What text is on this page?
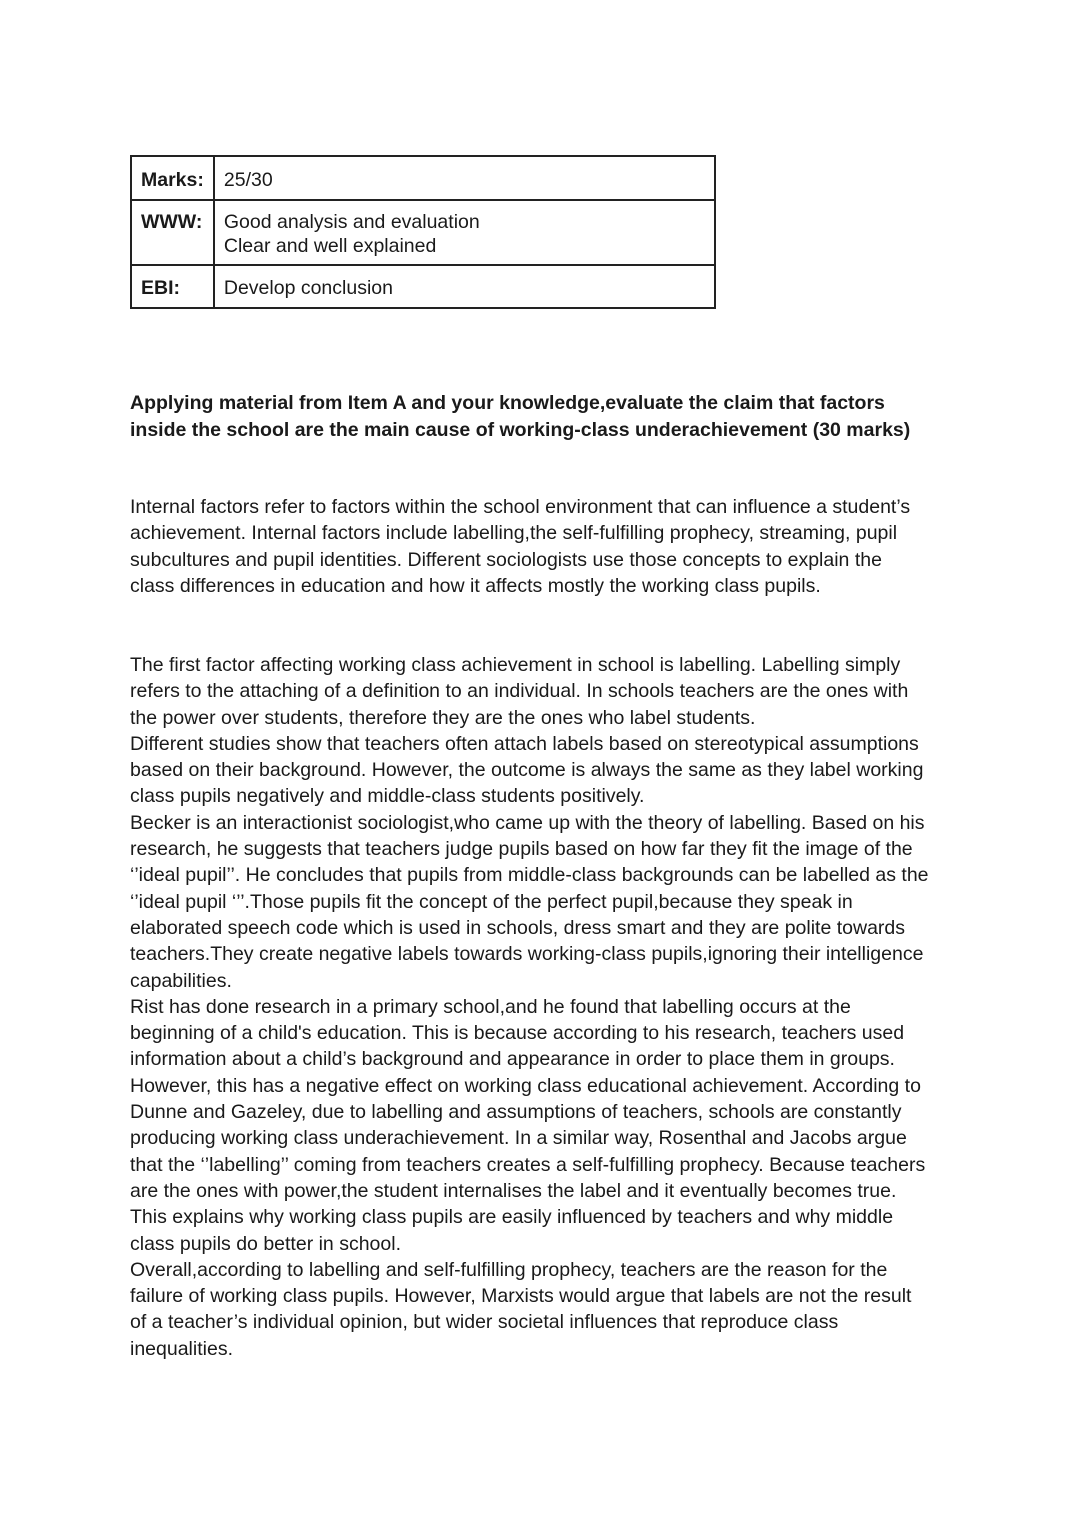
Marks:	25/30
WWW:	Good analysis and evaluation
Clear and well explained

EBI:	Develop conclusion
Applying material from Item A and your knowledge,evaluate the claim that factors
inside the school are the main cause of working-class underachievement (30 marks)
Internal factors refer to factors within the school environment that can influence a student’s
achievement. Internal factors include labelling,the self-fulfilling prophecy, streaming, pupil
subcultures and pupil identities. Different sociologists use those concepts to explain the
class differences in education and how it affects mostly the working class pupils.
The first factor affecting working class achievement in school is labelling. Labelling simply
refers to the attaching of a definition to an individual. In schools teachers are the ones with
the power over students, therefore they are the ones who label students.
Different studies show that teachers often attach labels based on stereotypical assumptions
based on their background. However, the outcome is always the same as they label working
class pupils negatively and middle-class students positively.
Becker is an interactionist sociologist,who came up with the theory of labelling. Based on his
research, he suggests that teachers judge pupils based on how far they fit the image of the
‘’ideal pupil’’. He concludes that pupils from middle-class backgrounds can be labelled as the
‘’ideal pupil ‘’’.Those pupils fit the concept of the perfect pupil,because they speak in
elaborated speech code which is used in schools, dress smart and they are polite towards
teachers.They create negative labels towards working-class pupils,ignoring their intelligence
capabilities.
Rist has done research in a primary school,and he found that labelling occurs at the
beginning of a child's education. This is because according to his research, teachers used
information about a child’s background and appearance in order to place them in groups.
However, this has a negative effect on working class educational achievement. According to
Dunne and Gazeley, due to labelling and assumptions of teachers, schools are constantly
producing working class underachievement. In a similar way, Rosenthal and Jacobs argue
that the ‘’labelling’’ coming from teachers creates a self-fulfilling prophecy. Because teachers
are the ones with power,the student internalises the label and it eventually becomes true.
This explains why working class pupils are easily influenced by teachers and why middle
class pupils do better in school.
Overall,according to labelling and self-fulfilling prophecy, teachers are the reason for the
failure of working class pupils. However, Marxists would argue that labels are not the result
of a teacher’s individual opinion, but wider societal influences that reproduce class
inequalities.
